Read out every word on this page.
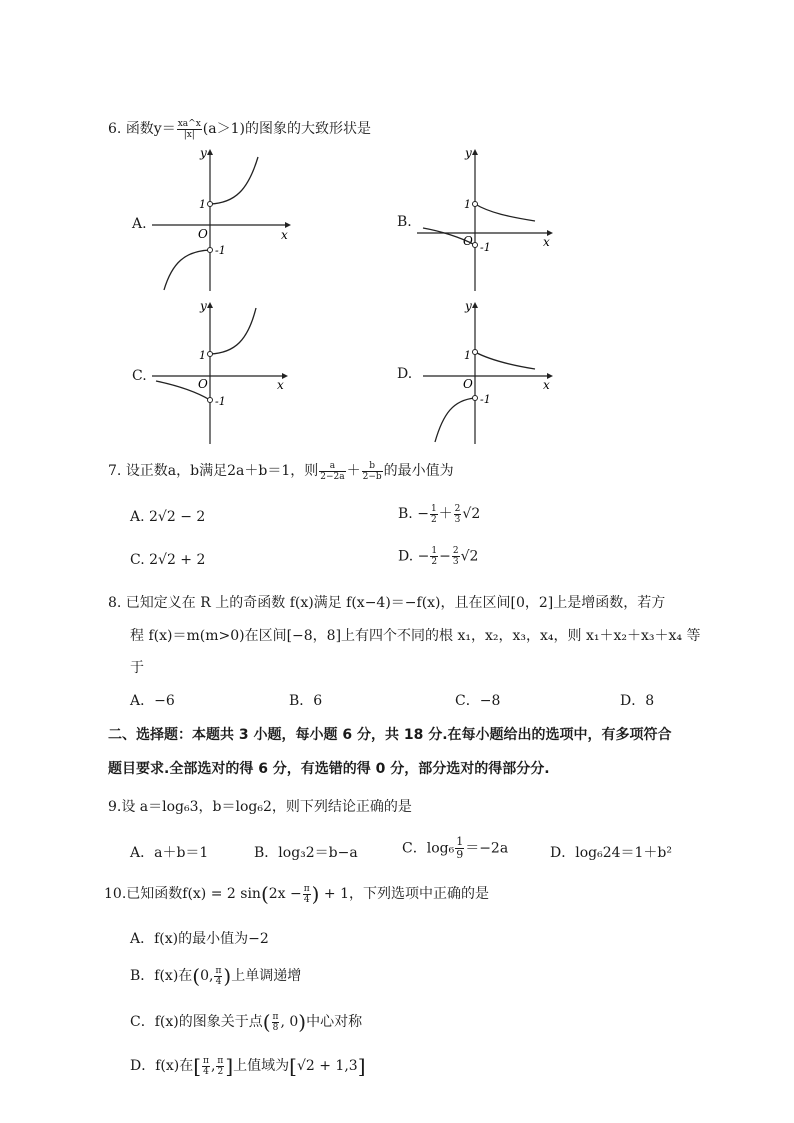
6. 函数$y= \frac{xa\^{}x}{|x|} (a>1)$的图象的大致形状是
A.
y
x
O
1
-1
B.
y
x
O
1
-1
C.
y
x
O
1
-1
D.
y
x
O
1
-1
7. 设正数a，b满足2a＋b＝1，则 $\frac{a}{2-2a} + \frac{b}{2-b}$ 的最小值为
A. 2√2 − 2	B. − $\frac{1}{2} + \frac{2}{3} √2$
C. 2√2 + 2	D. − $\frac{1}{2} - \frac{2}{3} √2$
8. 已知定义在 R 上的奇函数 f(x)满足 f(x−4)＝−f(x)，且在区间[0，2]上是增函数，若方
程 f(x)＝m(m>0)在区间[−8，8]上有四个不同的根 x₁，x₂，x₃，x₄，则 x₁＋x₂＋x₃＋x₄ 等
于
A．−6	B．6	C．−8	D．8
二、选择题：本题共 3 小题，每小题 6 分，共 18 分.在每小题给出的选项中，有多项符合
题目要求.全部选对的得 6 分，有选错的得 0 分，部分选对的得部分分.
9.设 a＝log₆3，b＝log₆2，则下列结论正确的是
A．a＋b＝1	B．log₃2＝b−a	C．$\log_6 \frac{1}{9} =-2a$	D．log₆24＝1＋b²
10.已知函数f(x) = 2 $\sin(2x - \frac{\pi}{4}$ ) + 1，下列选项中正确的是
A．f(x)的最小值为−2
B．f(x)在(0, $\frac{\pi}{4}$ )上单调递增
C．f(x)的图象关于点( $\frac{\pi}{8}$ , 0)中心对称
D．f(x)在[ $\frac{\pi}{4}$ , $\frac{\pi}{2}$ ]上值域为[√2 + 1,3]
